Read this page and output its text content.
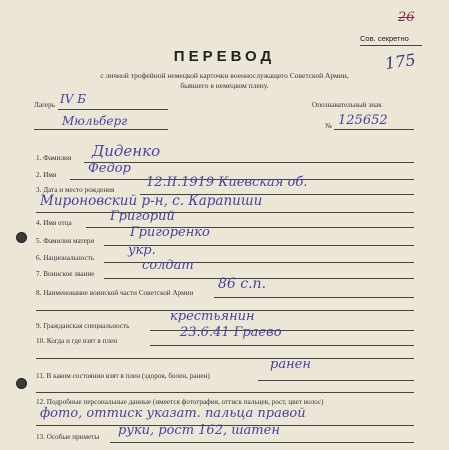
26
Сов. секретно
175
ПЕРЕВОД
с личной трофейной немецкой карточки военнослужащего Советской Армии,
бывшего в немецком плену.
Лагерь IV Б
Мюльберг
Опознавательный знак
№ 125652
1. Фамилия Диденко
2. Имя Федор
3. Дата и место рождения 12.II.1919 Киевская об.
Мироновский р-н, с. Карапиши
4. Имя отца	Григорий
5. Фамилия матери
Григоренко
6. Национальность	укр.
7. Воинское звание
солдат
8. Наименование воинской части Советской Армии
86 с.п.
9. Гражданская специальность
крестьянин
10. Когда и где взят в плен
23.6.41 Граево
11. В каком состоянии взят в плен (здоров, болен, ранен)
ранен
12. Подробные персональные данные (имеется фотография, оттиск пальцев, рост, цвет волос)
фото, оттиск указат. пальца правой
13. Особые приметы руки, рост 162, шатен
